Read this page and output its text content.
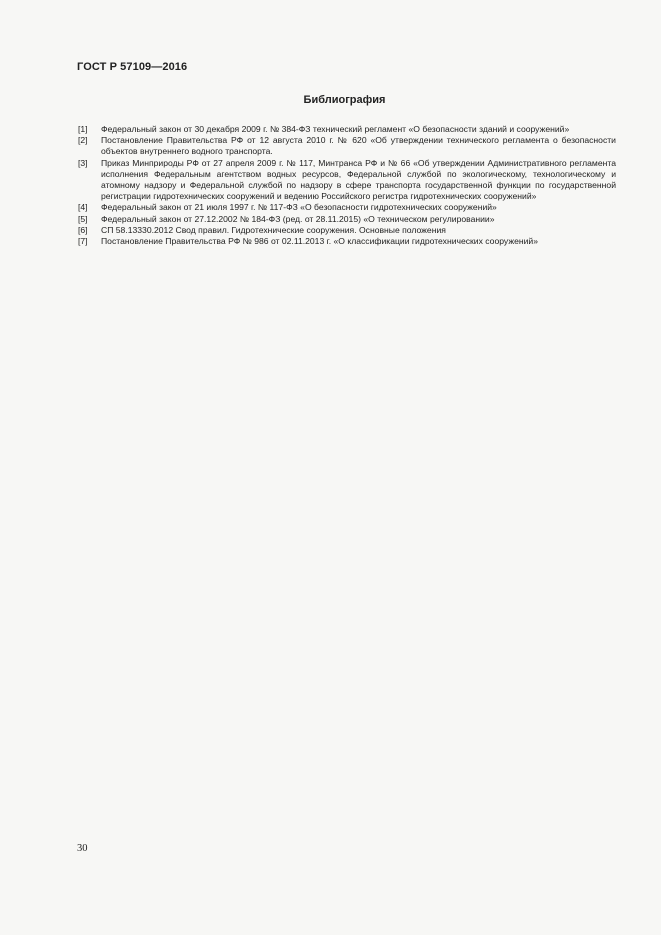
ГОСТ Р 57109—2016
Библиография
[1]	Федеральный закон от 30 декабря 2009 г. № 384-ФЗ технический регламент «О безопасности зданий и сооружений»
[2]	Постановление Правительства РФ от 12 августа 2010 г. № 620 «Об утверждении технического регламента о безопасности объектов внутреннего водного транспорта.
[3]	Приказ Минприроды РФ от 27 апреля 2009 г. № 117, Минтранса РФ и № 66 «Об утверждении Административного регламента исполнения Федеральным агентством водных ресурсов, Федеральной службой по экологическому, технологическому и атомному надзору и Федеральной службой по надзору в сфере транспорта государственной функции по государственной регистрации гидротехнических сооружений и ведению Российского регистра гидротехнических сооружений»
[4]	Федеральный закон от 21 июля 1997 г. № 117-ФЗ «О безопасности гидротехнических сооружений»
[5]	Федеральный закон от 27.12.2002 № 184-ФЗ (ред. от 28.11.2015) «О техническом регулировании»
[6]	СП 58.13330.2012 Свод правил. Гидротехнические сооружения. Основные положения
[7]	Постановление Правительства РФ № 986 от 02.11.2013 г. «О классификации гидротехнических сооружений»
30
